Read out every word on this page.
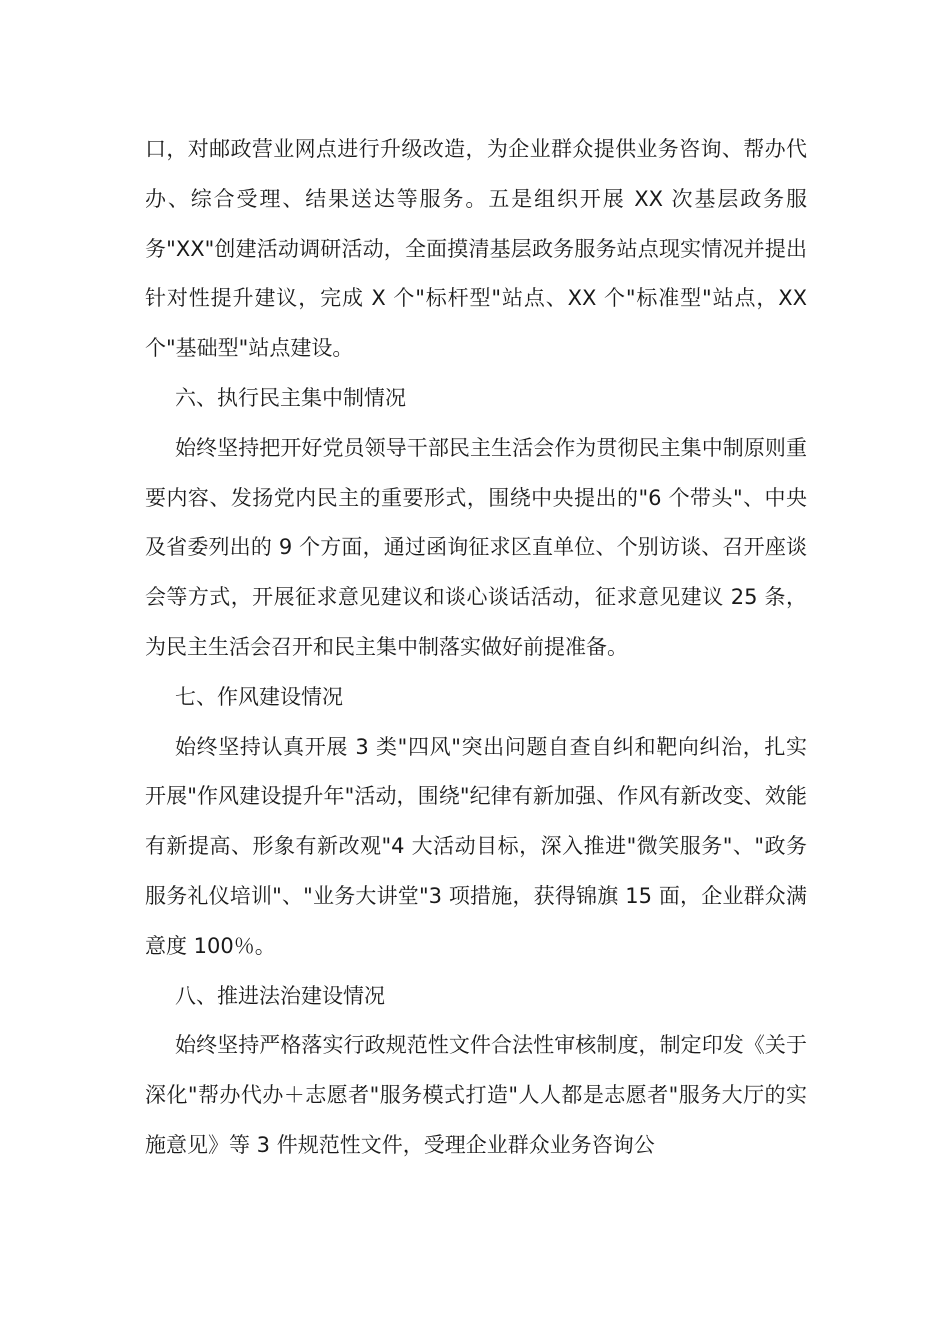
口，对邮政营业网点进行升级改造，为企业群众提供业务咨询、帮办代办、综合受理、结果送达等服务。五是组织开展 XX 次基层政务服务"XX"创建活动调研活动，全面摸清基层政务服务站点现实情况并提出针对性提升建议，完成 X 个"标杆型"站点、XX 个"标准型"站点，XX 个"基础型"站点建设。

六、执行民主集中制情况

始终坚持把开好党员领导干部民主生活会作为贯彻民主集中制原则重要内容、发扬党内民主的重要形式，围绕中央提出的"6 个带头"、中央及省委列出的 9 个方面，通过函询征求区直单位、个别访谈、召开座谈会等方式，开展征求意见建议和谈心谈话活动，征求意见建议 25 条，为民主生活会召开和民主集中制落实做好前提准备。

七、作风建设情况

始终坚持认真开展 3 类"四风"突出问题自查自纠和靶向纠治，扎实开展"作风建设提升年"活动，围绕"纪律有新加强、作风有新改变、效能有新提高、形象有新改观"4 大活动目标，深入推进"微笑服务"、"政务服务礼仪培训"、"业务大讲堂"3 项措施，获得锦旗 15 面，企业群众满意度 100％。

八、推进法治建设情况

始终坚持严格落实行政规范性文件合法性审核制度，制定印发《关于深化"帮办代办＋志愿者"服务模式打造"人人都是志愿者"服务大厅的实施意见》等 3 件规范性文件，受理企业群众业务咨询公
